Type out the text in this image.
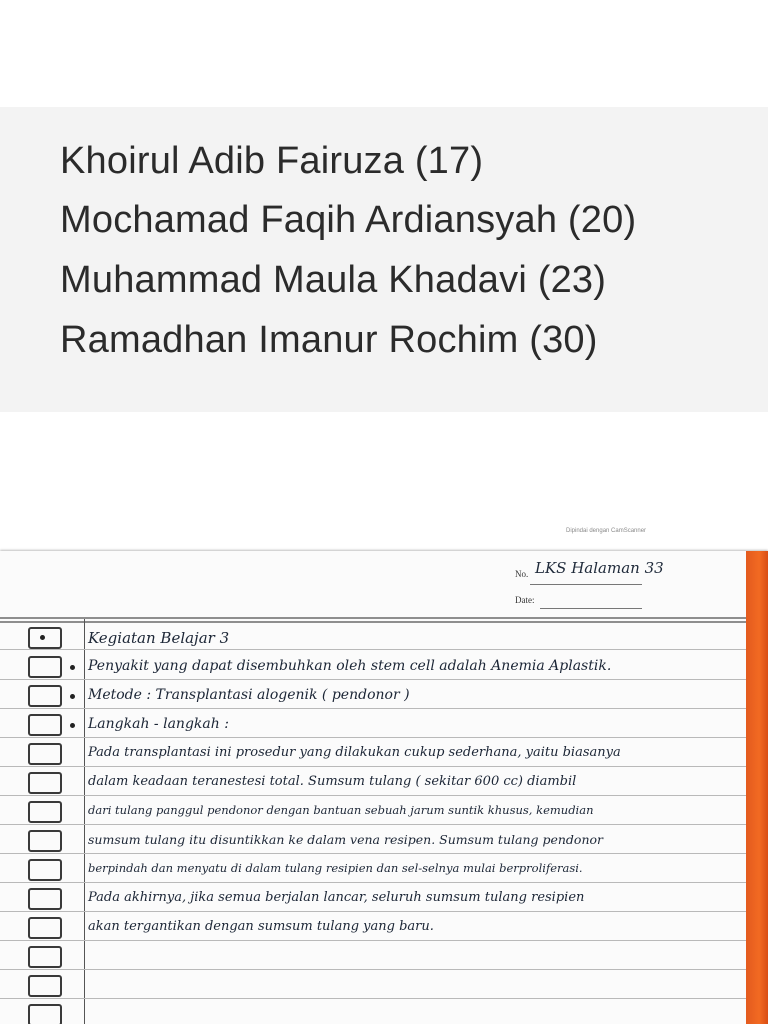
Khoirul Adib Fairuza (17)
Mochamad Faqih Ardiansyah (20)
Muhammad Maula Khadavi (23)
Ramadhan Imanur Rochim (30)
Dipindai dengan CamScanner
No. LKS Halaman 33
Date:
Kegiatan Belajar 3
Penyakit yang dapat disembuhkan oleh stem cell adalah Anemia Aplastik.
Metode : Transplantasi alogenik ( pendonor )
Langkah - langkah :
Pada transplantasi ini prosedur yang dilakukan cukup sederhana, yaitu biasanya
dalam keadaan teranestesi total. Sumsum tulang ( sekitar 600 cc) diambil
dari tulang panggul pendonor dengan bantuan sebuah jarum suntik khusus, kemudian
sumsum tulang itu disuntikkan ke dalam vena resipen. Sumsum tulang pendonor
berpindah dan menyatu di dalam tulang resipien dan sel-selnya mulai berproliferasi.
Pada akhirnya, jika semua berjalan lancar, seluruh sumsum tulang resipien
akan tergantikan dengan sumsum tulang yang baru.
